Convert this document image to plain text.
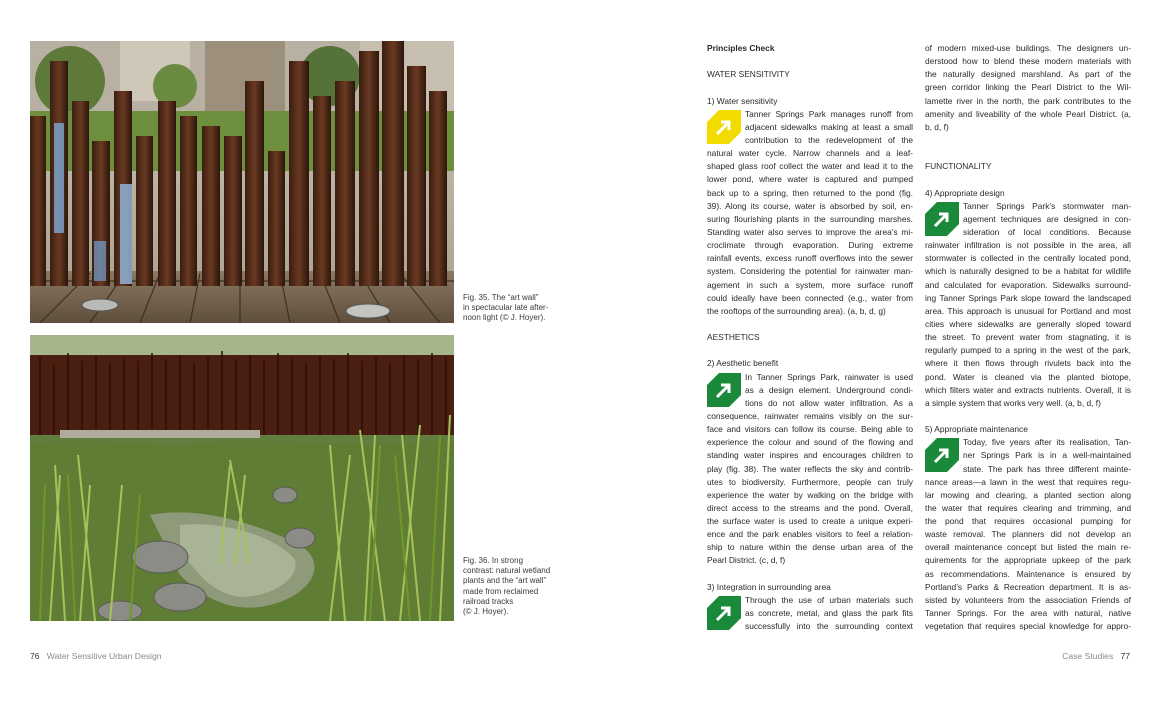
Fig. 35. The “art wall”
in spectacular late after-
noon light (© J. Hoyer).
Fig. 36. In strong
contrast: natural wetland
plants and the “art wall”
made from reclaimed
railroad tracks
(© J. Hoyer).
Principles Check
WATER SENSITIVITY
1) Water sensitivity
Tanner Springs Park manages runoff from
adjacent sidewalks making at least a small
contribution to the redevelopment of the
natural water cycle. Narrow channels and a leaf-
shaped glass roof collect the water and lead it to the
lower pond, where water is captured and pumped
back up to a spring, then returned to the pond (fig.
39). Along its course, water is absorbed by soil, en-
suring flourishing plants in the surrounding marshes.
Standing water also serves to improve the area’s mi-
croclimate through evaporation. During extreme
rainfall events, excess runoff overflows into the sewer
system. Considering the potential for rainwater man-
agement in such a system, more surface runoff
could ideally have been connected (e.g., water from
the rooftops of the surrounding area). (a, b, d, g)
AESTHETICS
2) Aesthetic benefit
In Tanner Springs Park, rainwater is used
as a design element. Underground condi-
tions do not allow water infiltration. As a
consequence, rainwater remains visibly on the sur-
face and visitors can follow its course. Being able to
experience the colour and sound of the flowing and
standing water inspires and encourages children to
play (fig. 38). The water reflects the sky and contrib-
utes to biodiversity. Furthermore, people can truly
experience the water by walking on the bridge with
direct access to the streams and the pond. Overall,
the surface water is used to create a unique experi-
ence and the park enables visitors to feel a relation-
ship to nature within the dense urban area of the
Pearl District. (c, d, f)
3) Integration in surrounding area
Through the use of urban materials such
as concrete, metal, and glass the park fits
successfully into the surrounding context
of modern mixed-use buildings. The designers un-
derstood how to blend these modern materials with
the naturally designed marshland. As part of the
green corridor linking the Pearl District to the Wil-
lamette river in the north, the park contributes to the
amenity and liveability of the whole Pearl District. (a,
b, d, f)
FUNCTIONALITY
4) Appropriate design
Tanner Springs Park’s stormwater man-
agement techniques are designed in con-
sideration of local conditions. Because
rainwater infiltration is not possible in the area, all
stormwater is collected in the centrally located pond,
which is naturally designed to be a habitat for wildlife
and calculated for evaporation. Sidewalks surround-
ing Tanner Springs Park slope toward the landscaped
area. This approach is unusual for Portland and most
cities where sidewalks are generally sloped toward
the street. To prevent water from stagnating, it is
regularly pumped to a spring in the west of the park,
where it then flows through rivulets back into the
pond. Water is cleaned via the planted biotope,
which filters water and extracts nutrients. Overall, it is
a simple system that works very well. (a, b, d, f)
5) Appropriate maintenance
Today, five years after its realisation, Tan-
ner Springs Park is in a well-maintained
state. The park has three different mainte-
nance areas—a lawn in the west that requires regu-
lar mowing and clearing, a planted section along
the water that requires clearing and trimming, and
the pond that requires occasional pumping for
waste removal. The planners did not develop an
overall maintenance concept but listed the main re-
quirements for the appropriate upkeep of the park
as recommendations. Maintenance is ensured by
Portland’s Parks & Recreation department. It is as-
sisted by volunteers from the association Friends of
Tanner Springs. For the area with natural, native
vegetation that requires special knowledge for appro-
76 Water Sensitive Urban Design	Case Studies 77
